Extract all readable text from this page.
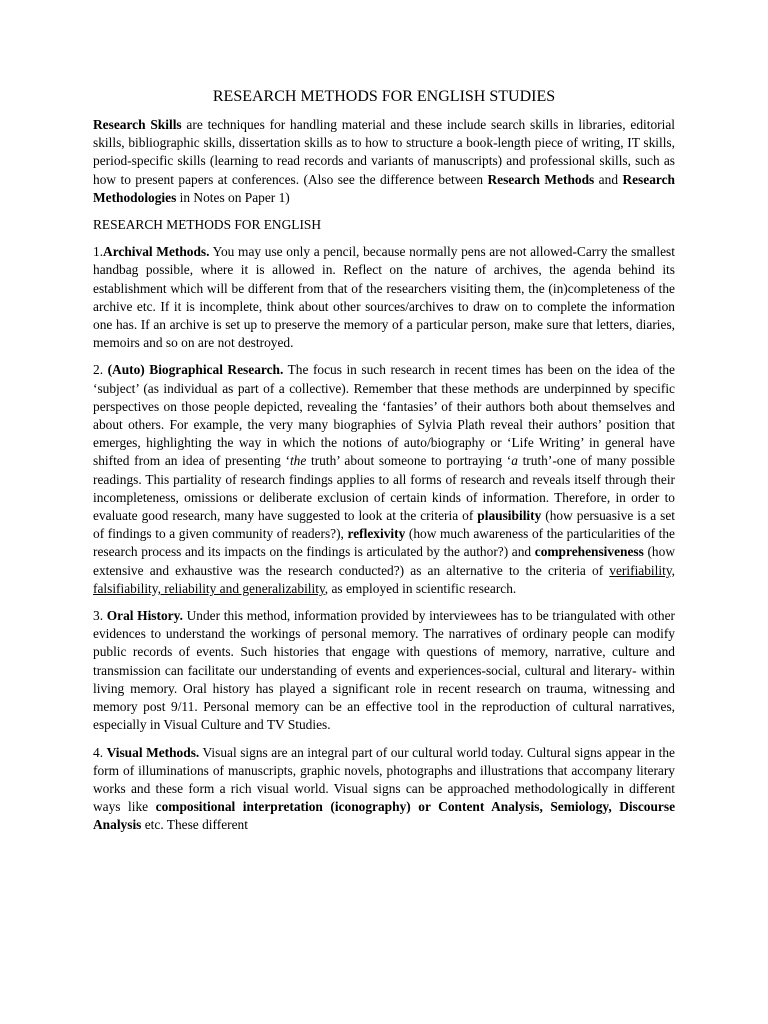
RESEARCH METHODS FOR ENGLISH STUDIES

Research Skills are techniques for handling material and these include search skills in libraries, editorial skills, bibliographic skills, dissertation skills as to how to structure a book-length piece of writing, IT skills, period-specific skills (learning to read records and variants of manuscripts) and professional skills, such as how to present papers at conferences. (Also see the difference between Research Methods and Research Methodologies in Notes on Paper 1)

RESEARCH METHODS FOR ENGLISH

1.Archival Methods. You may use only a pencil, because normally pens are not allowed-Carry the smallest handbag possible, where it is allowed in. Reflect on the nature of archives, the agenda behind its establishment which will be different from that of the researchers visiting them, the (in)completeness of the archive etc. If it is incomplete, think about other sources/archives to draw on to complete the information one has. If an archive is set up to preserve the memory of a particular person, make sure that letters, diaries, memoirs and so on are not destroyed.

2. (Auto) Biographical Research. The focus in such research in recent times has been on the idea of the ‘subject’ (as individual as part of a collective). Remember that these methods are underpinned by specific perspectives on those people depicted, revealing the ‘fantasies’ of their authors both about themselves and about others. For example, the very many biographies of Sylvia Plath reveal their authors’ position that emerges, highlighting the way in which the notions of auto/biography or ‘Life Writing’ in general have shifted from an idea of presenting ‘the truth’ about someone to portraying ‘a truth’-one of many possible readings. This partiality of research findings applies to all forms of research and reveals itself through their incompleteness, omissions or deliberate exclusion of certain kinds of information. Therefore, in order to evaluate good research, many have suggested to look at the criteria of plausibility (how persuasive is a set of findings to a given community of readers?), reflexivity (how much awareness of the particularities of the research process and its impacts on the findings is articulated by the author?) and comprehensiveness (how extensive and exhaustive was the research conducted?) as an alternative to the criteria of verifiability, falsifiability, reliability and generalizability, as employed in scientific research.

3. Oral History. Under this method, information provided by interviewees has to be triangulated with other evidences to understand the workings of personal memory. The narratives of ordinary people can modify public records of events. Such histories that engage with questions of memory, narrative, culture and transmission can facilitate our understanding of events and experiences-social, cultural and literary- within living memory. Oral history has played a significant role in recent research on trauma, witnessing and memory post 9/11. Personal memory can be an effective tool in the reproduction of cultural narratives, especially in Visual Culture and TV Studies.

4. Visual Methods. Visual signs are an integral part of our cultural world today. Cultural signs appear in the form of illuminations of manuscripts, graphic novels, photographs and illustrations that accompany literary works and these form a rich visual world. Visual signs can be approached methodologically in different ways like compositional interpretation (iconography) or Content Analysis, Semiology, Discourse Analysis etc. These different
